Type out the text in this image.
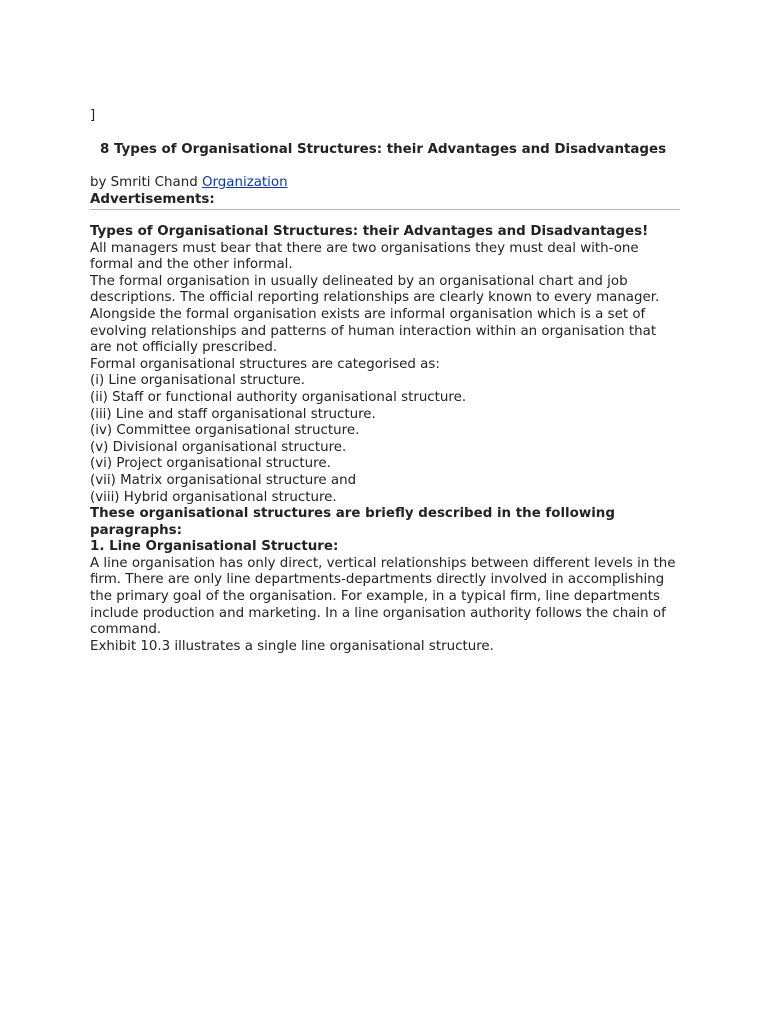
]
8 Types of Organisational Structures: their Advantages and Disadvantages
by Smriti Chand Organization
Advertisements:

Types of Organisational Structures: their Advantages and Disadvantages!

All managers must bear that there are two organisations they must deal with-one formal and the other informal.

The formal organisation in usually delineated by an organisational chart and job descriptions. The official reporting relationships are clearly known to every manager. Alongside the formal organisation exists are informal organisation which is a set of evolving relationships and patterns of human interaction within an organisation that are not officially prescribed.

Formal organisational structures are categorised as:

(i) Line organisational structure.

(ii) Staff or functional authority organisational structure.

(iii) Line and staff organisational structure.

(iv) Committee organisational structure.

(v) Divisional organisational structure.

(vi) Project organisational structure.

(vii) Matrix organisational structure and

(viii) Hybrid organisational structure.

These organisational structures are briefly described in the following paragraphs:

1. Line Organisational Structure:

A line organisation has only direct, vertical relationships between different levels in the firm. There are only line departments-departments directly involved in accomplishing the primary goal of the organisation. For example, in a typical firm, line departments include production and marketing. In a line organisation authority follows the chain of command.

Exhibit 10.3 illustrates a single line organisational structure.
